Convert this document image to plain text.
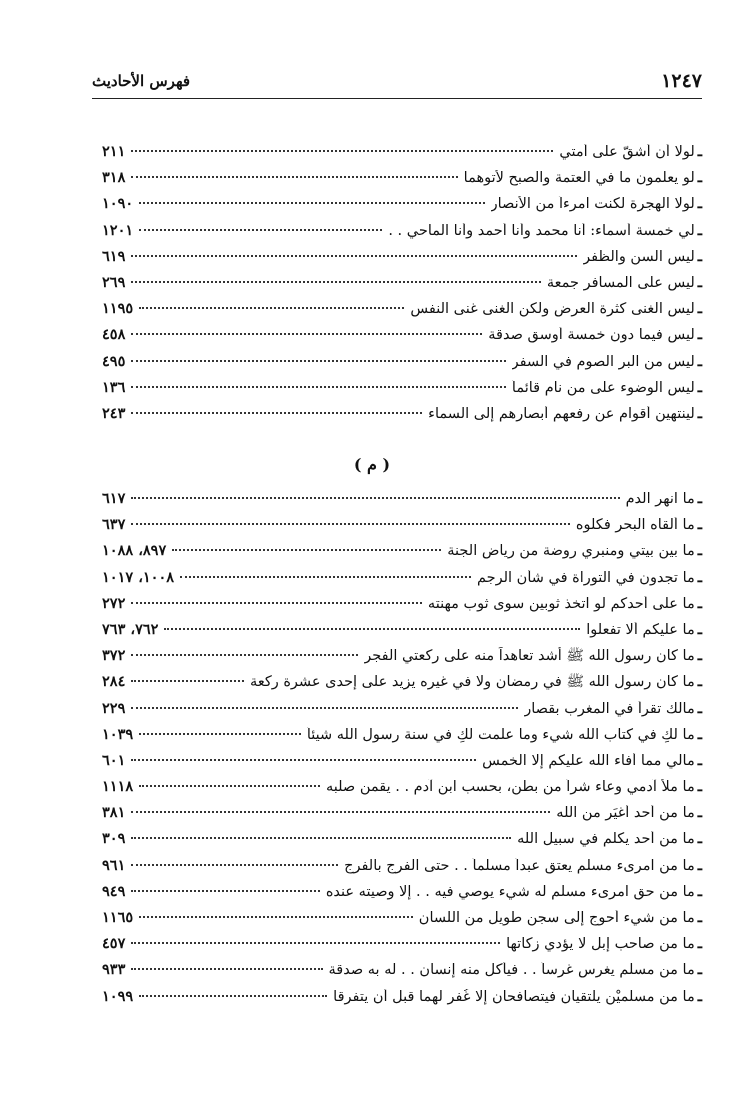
١٢٤٧
فهرس الأحاديث
ـ
لولا أن أشقّ على أمتي
٢١١
ـ
لو يعلمون ما في العتمة والصبح لأتوهما
٣١٨
ـ
لولا الهجرة لكنت امرءاً من الأنصار
١٠٩٠
ـ
لي خمسة أسماء: أنا محمد وأنا أحمد وأنا الماحي . .
١٢٠١
ـ
ليس السن والظفر
٦١٩
ـ
ليس على المسافر جمعة
٢٦٩
ـ
ليس الغنى كثرة العرض ولكن الغنى غنى النفس
١١٩٥
ـ
ليس فيما دون خمسة أوسق صدقة
٤٥٨
ـ
ليس من البر الصوم في السفر
٤٩٥
ـ
ليس الوضوء على من نام قائماً
١٣٦
ـ
لينتهين أقوام عن رفعهم أبصارهم إلى السماء
٢٤٣
( م )
ـ
ما انهر الدم
٦١٧
ـ
ما ألقاه البحر فكلوه
٦٣٧
ـ
ما بين بيتي ومنبري روضة من رياض الجنة
٨٩٧، ١٠٨٨
ـ
ما تجدون في التوراة في شأن الرجم
١٠٠٨، ١٠١٧
ـ
ما على أحدكم لو اتخذ ثوبين سوى ثوب مهنته
٢٧٢
ـ
ما عليكم ألا تفعلوا
٧٦٢، ٧٦٣
ـ
ما كان رسول الله ﷺ أشد تعاهداً منه على ركعتي الفجر
٣٧٢
ـ
ما كان رسول الله ﷺ في رمضان ولا في غيره يزيد على إحدى عشرة ركعة
٢٨٤
ـ
مالك تقرأ في المغرب بقصار
٢٢٩
ـ
ما لكِ في كتاب الله شيء وما علمت لكِ في سنة رسول الله شيئاً
١٠٣٩
ـ
مالي مما أفاء الله عليكم إلا الخمس
٦٠١
ـ
ما ملأ آدمي وعاء شراً من بطن، بحسب ابن آدم . . يقمن صلبه
١١١٨
ـ
ما من أحد أغيَر من الله
٣٨١
ـ
ما من أحد يكلم في سبيل الله
٣٠٩
ـ
ما من امرىء مسلم يعتق عبداً مسلماً . . حتى الفرج بالفرج
٩٦١
ـ
ما من حق امرىء مسلم له شيء يوصي فيه . . إلا وصيته عنده
٩٤٩
ـ
ما من شيء أحوج إلى سجن طويل من اللسان
١١٦٥
ـ
ما من صاحب إبل لا يؤدي زكاتها
٤٥٧
ـ
ما من مسلم يغرس غرساً . . فيأكل منه إنسان . . له به صدقة
٩٣٣
ـ
ما من مسلميْن يلتقيان فيتصافحان إلا غُفر لهما قبل أن يتفرقا
١٠٩٩
